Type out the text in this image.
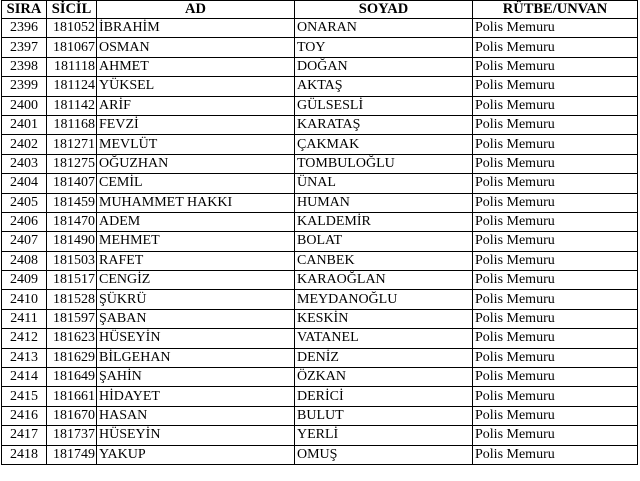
SIRA	SİCİL	AD	SOYAD	RÜTBE/UNVAN
2396	181052	İBRAHİM	ONARAN	Polis Memuru
2397	181067	OSMAN	TOY	Polis Memuru
2398	181118	AHMET	DOĞAN	Polis Memuru
2399	181124	YÜKSEL	AKTAŞ	Polis Memuru
2400	181142	ARİF	GÜLSESLİ	Polis Memuru
2401	181168	FEVZİ	KARATAŞ	Polis Memuru
2402	181271	MEVLÜT	ÇAKMAK	Polis Memuru
2403	181275	OĞUZHAN	TOMBULOĞLU	Polis Memuru
2404	181407	CEMİL	ÜNAL	Polis Memuru
2405	181459	MUHAMMET HAKKI	HUMAN	Polis Memuru
2406	181470	ADEM	KALDEMİR	Polis Memuru
2407	181490	MEHMET	BOLAT	Polis Memuru
2408	181503	RAFET	CANBEK	Polis Memuru
2409	181517	CENGİZ	KARAOĞLAN	Polis Memuru
2410	181528	ŞÜKRÜ	MEYDANOĞLU	Polis Memuru
2411	181597	ŞABAN	KESKİN	Polis Memuru
2412	181623	HÜSEYİN	VATANEL	Polis Memuru
2413	181629	BİLGEHAN	DENİZ	Polis Memuru
2414	181649	ŞAHİN	ÖZKAN	Polis Memuru
2415	181661	HİDAYET	DERİCİ	Polis Memuru
2416	181670	HASAN	BULUT	Polis Memuru
2417	181737	HÜSEYİN	YERLİ	Polis Memuru
2418	181749	YAKUP	OMUŞ	Polis Memuru
